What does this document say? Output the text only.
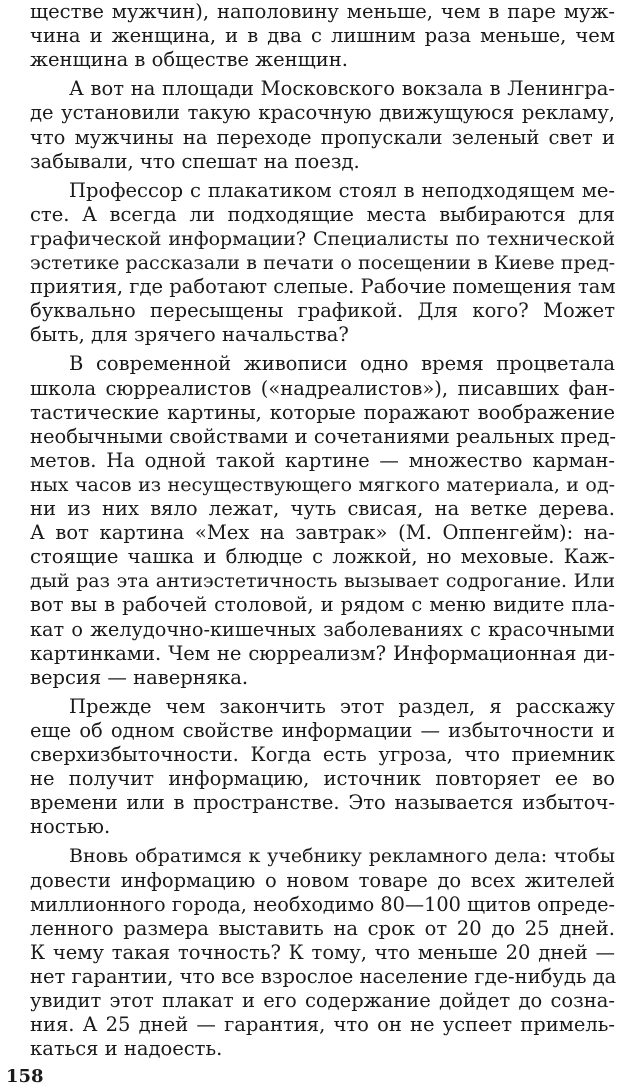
ществе мужчин), наполовину меньше, чем в паре муж-
чина и женщина, и в два с лишним раза меньше, чем
женщина в обществе женщин.
А вот на площади Московского вокзала в Ленингра-
де установили такую красочную движущуюся рекламу,
что мужчины на переходе пропускали зеленый свет и
забывали, что спешат на поезд.
Профессор с плакатиком стоял в неподходящем ме-
сте. А всегда ли подходящие места выбираются для
графической информации? Специалисты по технической
эстетике рассказали в печати о посещении в Киеве пред-
приятия, где работают слепые. Рабочие помещения там
буквально пересыщены графикой. Для кого? Может
быть, для зрячего начальства?
В современной живописи одно время процветала
школа сюрреалистов («надреалистов»), писавших фан-
тастические картины, которые поражают воображение
необычными свойствами и сочетаниями реальных пред-
метов. На одной такой картине — множество карман-
ных часов из несуществующего мягкого материала, и од-
ни из них вяло лежат, чуть свисая, на ветке дерева.
А вот картина «Мех на завтрак» (М. Оппенгейм): на-
стоящие чашка и блюдце с ложкой, но меховые. Каж-
дый раз эта антиэстетичность вызывает содрогание. Или
вот вы в рабочей столовой, и рядом с меню видите пла-
кат о желудочно-кишечных заболеваниях с красочными
картинками. Чем не сюрреализм? Информационная ди-
версия — наверняка.
Прежде чем закончить этот раздел, я расскажу
еще об одном свойстве информации — избыточности и
сверхизбыточности. Когда есть угроза, что приемник
не получит информацию, источник повторяет ее во
времени или в пространстве. Это называется избыточ-
ностью.
Вновь обратимся к учебнику рекламного дела: чтобы
довести информацию о новом товаре до всех жителей
миллионного города, необходимо 80—100 щитов опреде-
ленного размера выставить на срок от 20 до 25 дней.
К чему такая точность? К тому, что меньше 20 дней —
нет гарантии, что все взрослое население где-нибудь да
увидит этот плакат и его содержание дойдет до созна-
ния. А 25 дней — гарантия, что он не успеет примель-
каться и надоесть.
158
